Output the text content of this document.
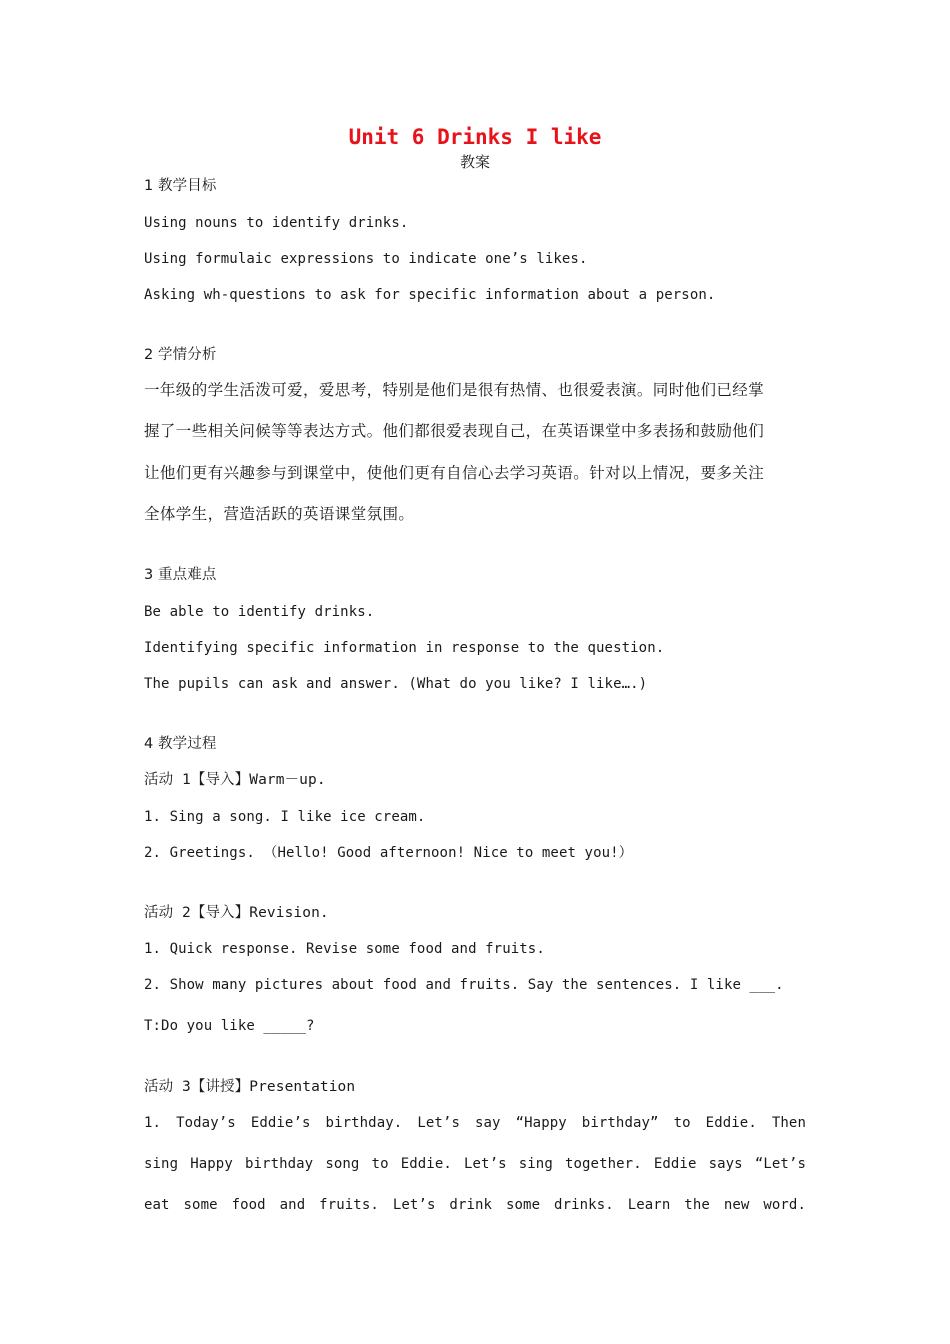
Unit 6 Drinks I like
教案
1 教学目标
Using nouns to identify drinks.
Using formulaic expressions to indicate one’s likes.
Asking wh-questions to ask for specific information about a person.
2 学情分析
一年级的学生活泼可爱，爱思考，特别是他们是很有热情、也很爱表演。同时他们已经掌
握了一些相关问候等等表达方式。他们都很爱表现自己，在英语课堂中多表扬和鼓励他们
让他们更有兴趣参与到课堂中，使他们更有自信心去学习英语。针对以上情况，要多关注
全体学生，营造活跃的英语课堂氛围。
3 重点难点
Be able to identify drinks.
Identifying specific information in response to the question.
The pupils can ask and answer. (What do you like? I like….)
4 教学过程
活动 1【导入】Warm－up.
1. Sing a song. I like ice cream.
2. Greetings. （Hello! Good afternoon! Nice to meet you!）
活动 2【导入】Revision.
1. Quick response. Revise some food and fruits.
2. Show many pictures about food and fruits. Say the sentences. I like ___.
T:Do you like _____?
活动 3【讲授】Presentation
1. Today’s Eddie’s birthday. Let’s say “Happy birthday” to Eddie. Then
sing Happy birthday song to Eddie. Let’s sing together. Eddie says “Let’s
eat some food and fruits. Let’s drink some drinks. Learn the new word.
